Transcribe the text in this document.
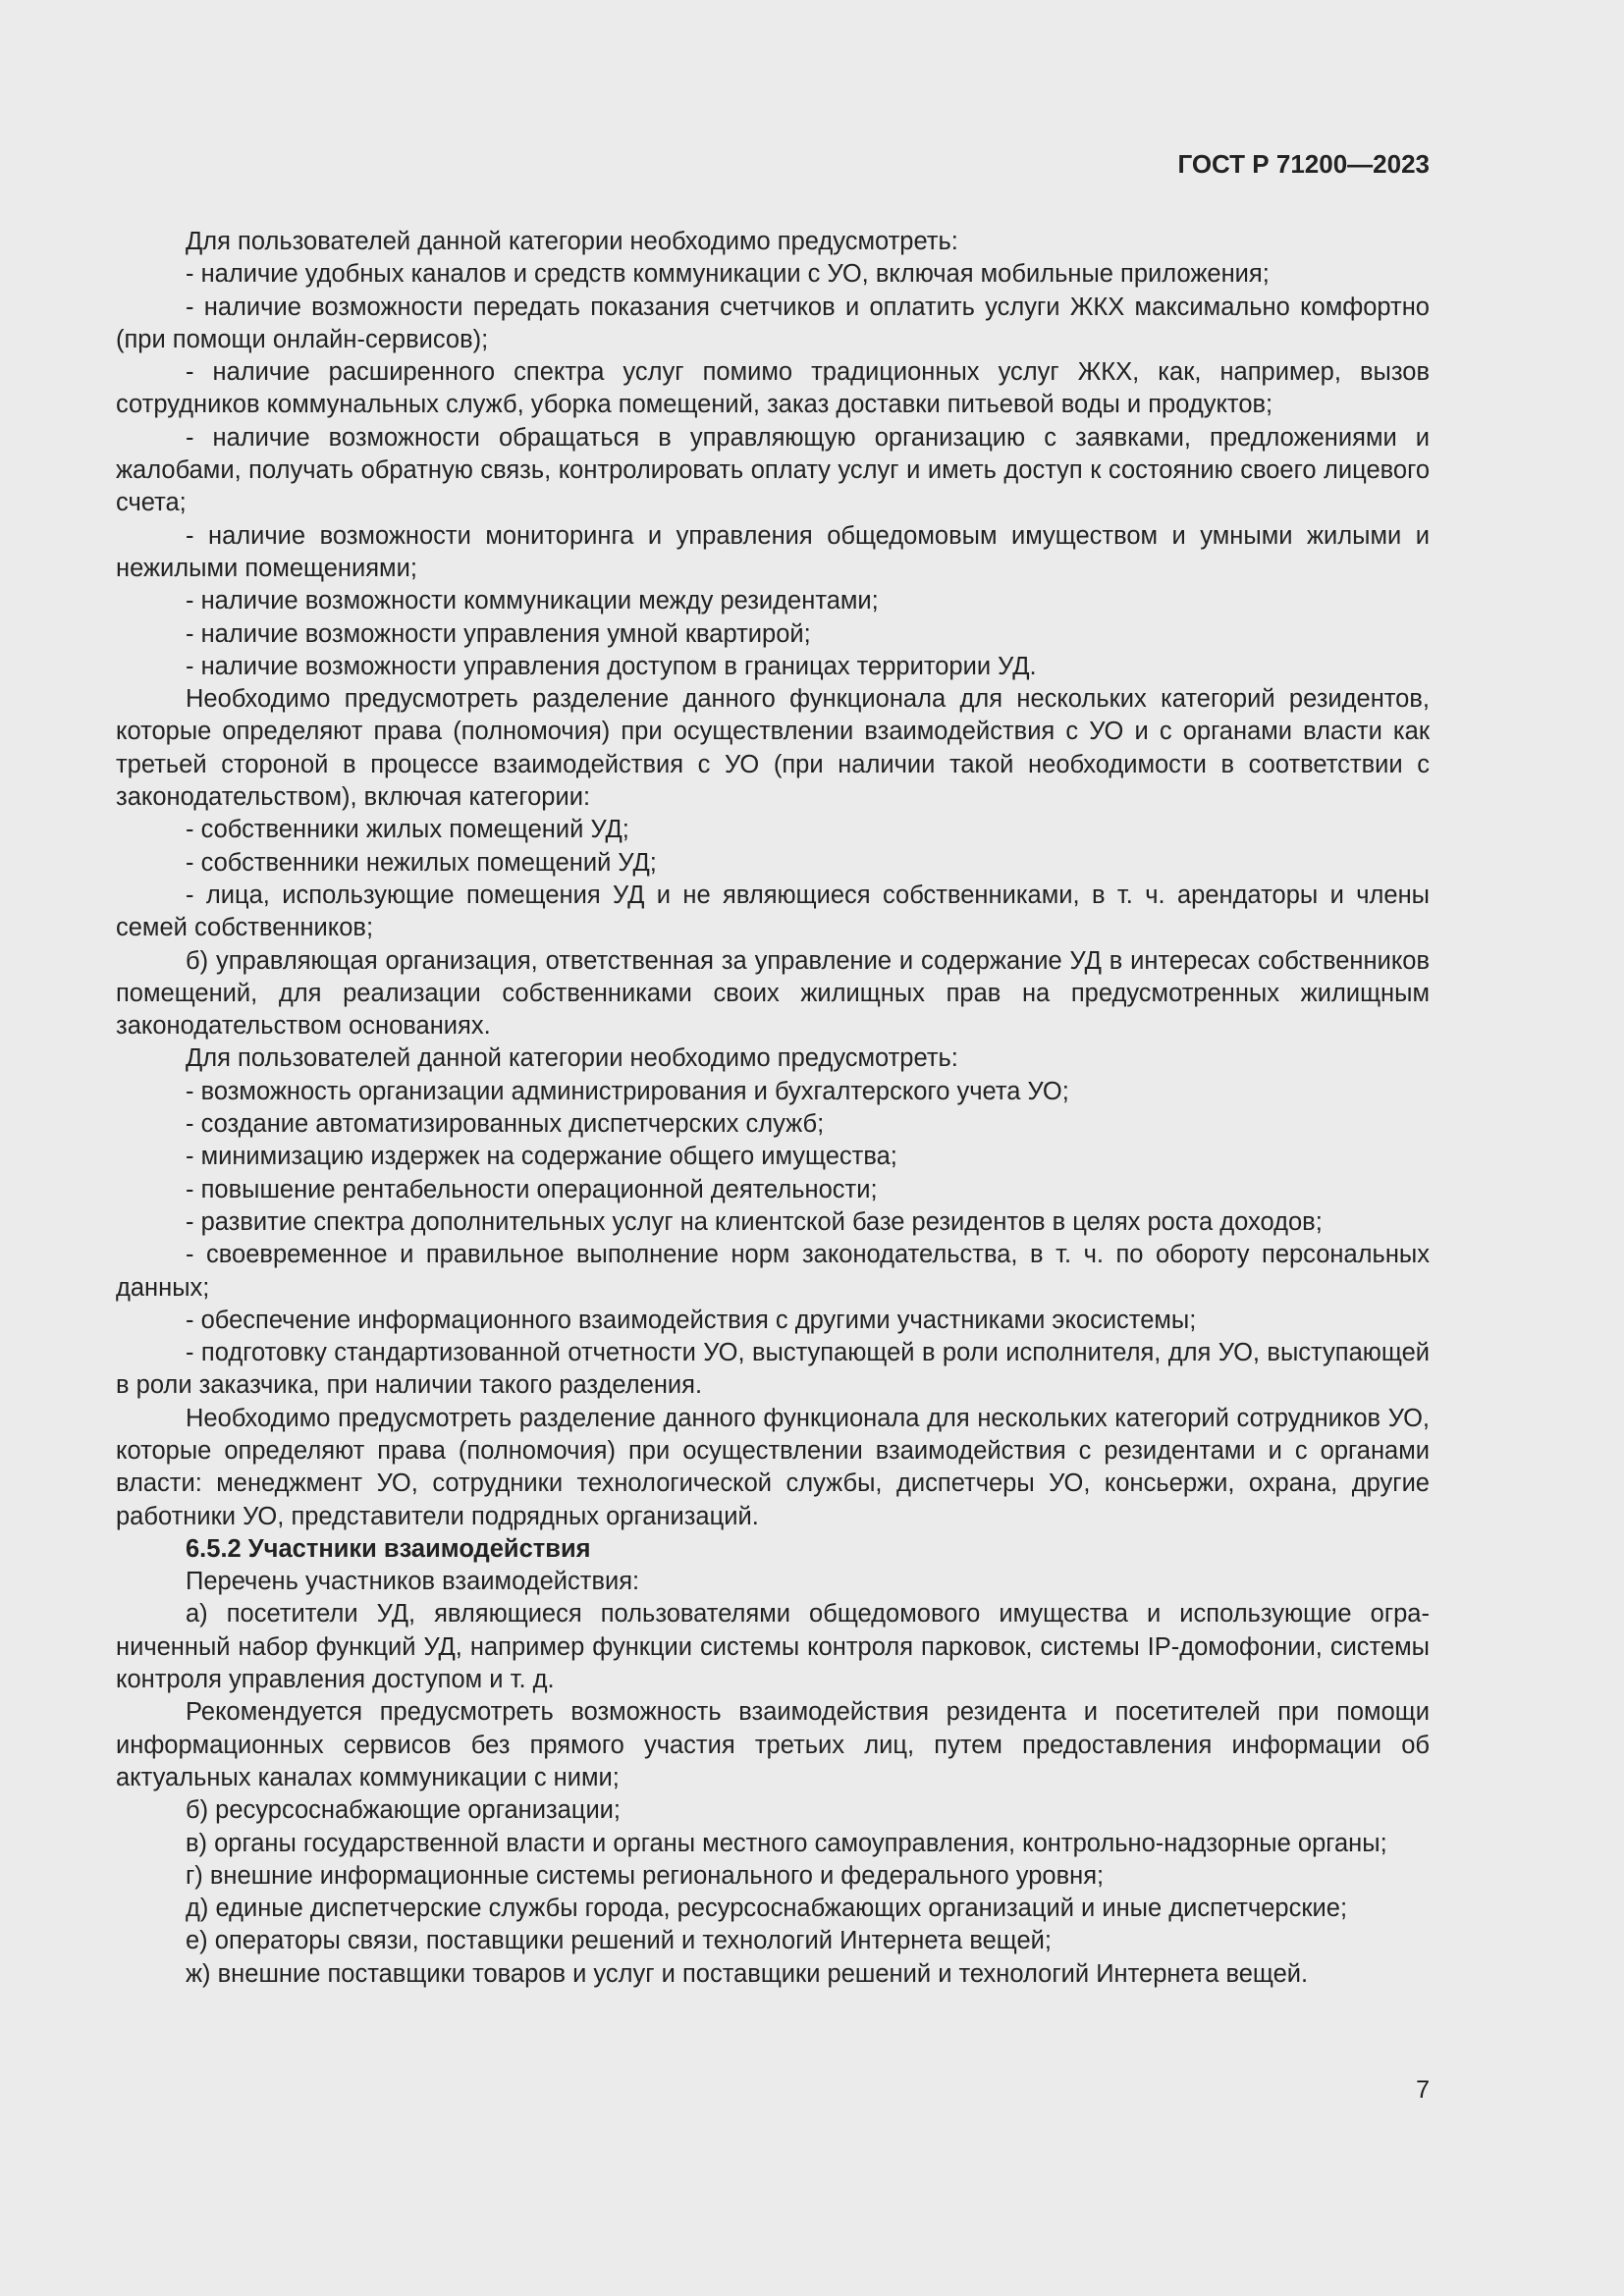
ГОСТ Р 71200—2023

Для пользователей данной категории необходимо предусмотреть:

- наличие удобных каналов и средств коммуникации с УО, включая мобильные приложения;

- наличие возможности передать показания счетчиков и оплатить услуги ЖКХ максимально комфортно (при помощи онлайн-сервисов);

- наличие расширенного спектра услуг помимо традиционных услуг ЖКХ, как, например, вызов сотрудников коммунальных служб, уборка помещений, заказ доставки питьевой воды и продуктов;

- наличие возможности обращаться в управляющую организацию с заявками, предложениями и жалобами, получать обратную связь, контролировать оплату услуг и иметь доступ к состоянию своего лицевого счета;

- наличие возможности мониторинга и управления общедомовым имуществом и умными жилыми и нежилыми помещениями;

- наличие возможности коммуникации между резидентами;

- наличие возможности управления умной квартирой;

- наличие возможности управления доступом в границах территории УД.

Необходимо предусмотреть разделение данного функционала для нескольких категорий резидентов, которые определяют права (полномочия) при осуществлении взаимодействия с УО и с органами власти как третьей стороной в процессе взаимодействия с УО (при наличии такой необходимости в соответствии с законодательством), включая категории:

- собственники жилых помещений УД;

- собственники нежилых помещений УД;

- лица, использующие помещения УД и не являющиеся собственниками, в т. ч. арендаторы и члены семей собственников;

б) управляющая организация, ответственная за управление и содержание УД в интересах собственников помещений, для реализации собственниками своих жилищных прав на предусмотренных жилищным законодательством основаниях.

Для пользователей данной категории необходимо предусмотреть:

- возможность организации администрирования и бухгалтерского учета УО;

- создание автоматизированных диспетчерских служб;

- минимизацию издержек на содержание общего имущества;

- повышение рентабельности операционной деятельности;

- развитие спектра дополнительных услуг на клиентской базе резидентов в целях роста доходов;

- своевременное и правильное выполнение норм законодательства, в т. ч. по обороту персональных данных;

- обеспечение информационного взаимодействия с другими участниками экосистемы;

- подготовку стандартизованной отчетности УО, выступающей в роли исполнителя, для УО, выступающей в роли заказчика, при наличии такого разделения.

Необходимо предусмотреть разделение данного функционала для нескольких категорий сотрудников УО, которые определяют права (полномочия) при осуществлении взаимодействия с резидентами и с органами власти: менеджмент УО, сотрудники технологической службы, диспетчеры УО, консьержи, охрана, другие работники УО, представители подрядных организаций.

6.5.2 Участники взаимодействия

Перечень участников взаимодействия:

а) посетители УД, являющиеся пользователями общедомового имущества и использующие ограниченный набор функций УД, например функции системы контроля парковок, системы IP-домофонии, системы контроля управления доступом и т. д.

Рекомендуется предусмотреть возможность взаимодействия резидента и посетителей при помощи информационных сервисов без прямого участия третьих лиц, путем предоставления информации об актуальных каналах коммуникации с ними;

б) ресурсоснабжающие организации;

в) органы государственной власти и органы местного самоуправления, контрольно-надзорные органы;

г) внешние информационные системы регионального и федерального уровня;

д) единые диспетчерские службы города, ресурсоснабжающих организаций и иные диспетчерские;

е) операторы связи, поставщики решений и технологий Интернета вещей;

ж) внешние поставщики товаров и услуг и поставщики решений и технологий Интернета вещей.

7
